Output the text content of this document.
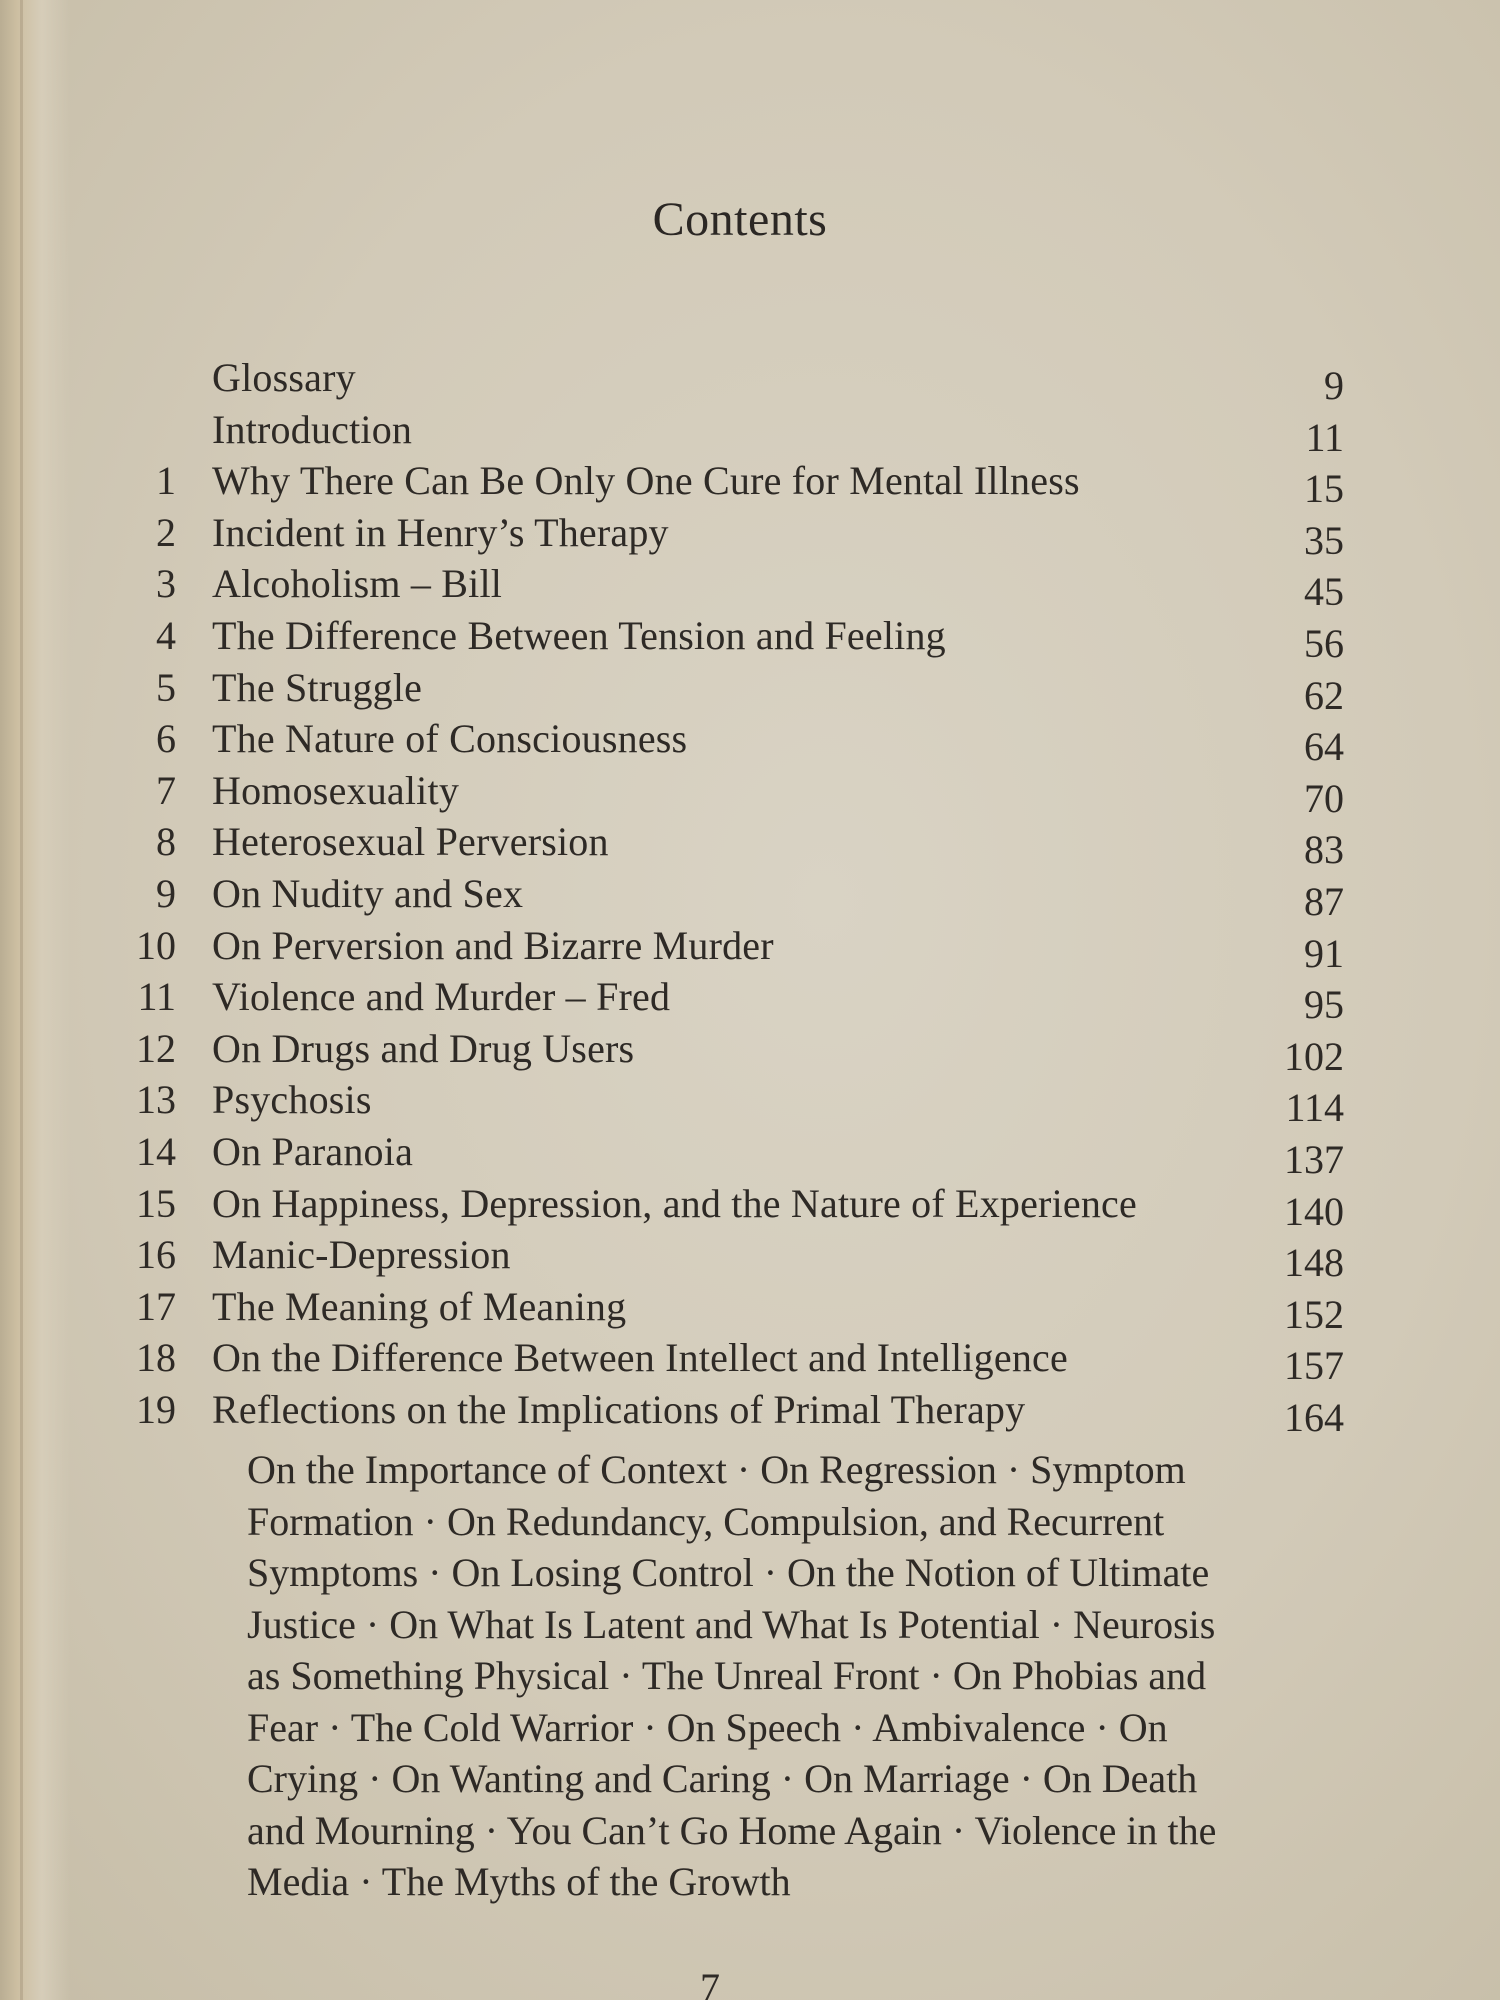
Contents
Glossary	9
Introduction	11
1 Why There Can Be Only One Cure for Mental Illness	15
2 Incident in Henry’s Therapy	35
3 Alcoholism – Bill	45
4 The Difference Between Tension and Feeling	56
5 The Struggle	62
6 The Nature of Consciousness	64
7 Homosexuality	70
8 Heterosexual Perversion	83
9 On Nudity and Sex	87
10 On Perversion and Bizarre Murder	91
11 Violence and Murder – Fred	95
12 On Drugs and Drug Users	102
13 Psychosis	114
14 On Paranoia	137
15 On Happiness, Depression, and the Nature of Experience	140
16 Manic-Depression	148
17 The Meaning of Meaning	152
18 On the Difference Between Intellect and Intelligence	157
19 Reflections on the Implications of Primal Therapy	164
On the Importance of Context · On Regression · Symptom Formation · On Redundancy, Compulsion, and Recurrent Symptoms · On Losing Control · On the Notion of Ultimate Justice · On What Is Latent and What Is Potential · Neurosis as Something Physical · The Unreal Front · On Phobias and Fear · The Cold Warrior · On Speech · Ambivalence · On Crying · On Wanting and Caring · On Marriage · On Death and Mourning · You Can’t Go Home Again · Violence in the Media · The Myths of the Growth
7
